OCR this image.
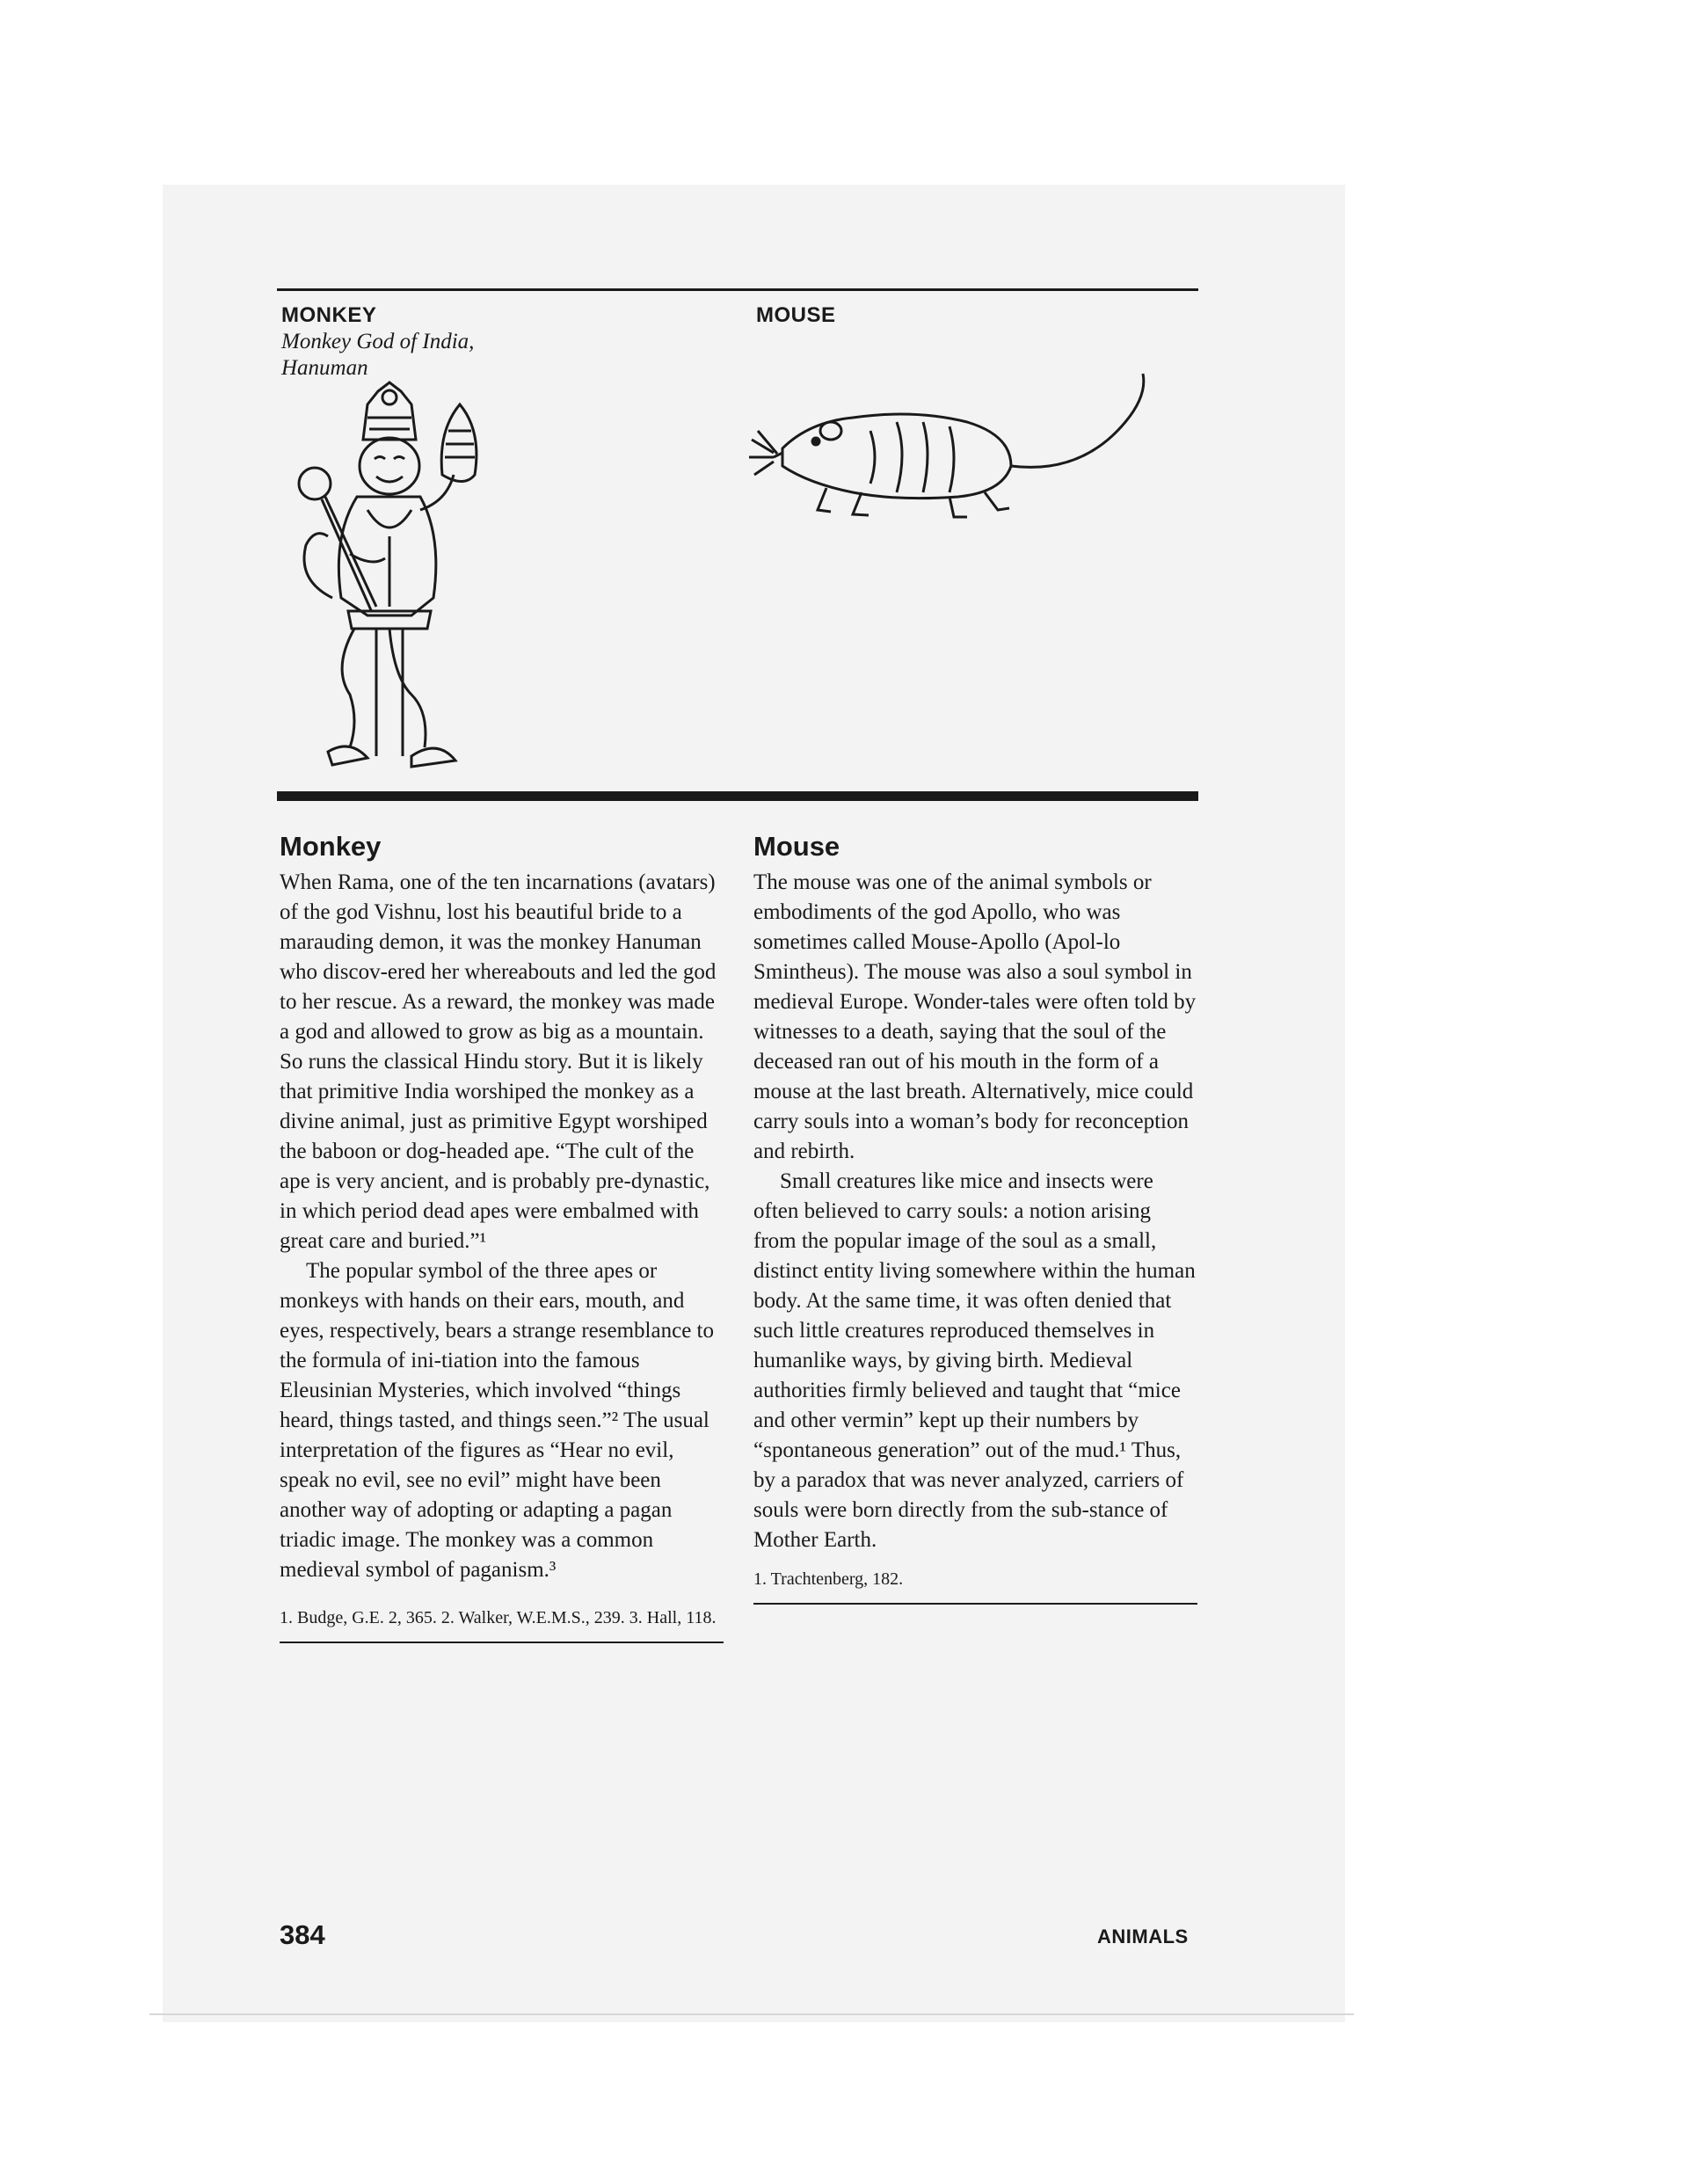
MONKEY
Monkey God of India, Hanuman
MOUSE
Monkey

When Rama, one of the ten incarnations (avatars) of the god Vishnu, lost his beautiful bride to a marauding demon, it was the monkey Hanuman who discov-ered her whereabouts and led the god to her rescue. As a reward, the monkey was made a god and allowed to grow as big as a mountain. So runs the classical Hindu story. But it is likely that primitive India worshiped the monkey as a divine animal, just as primitive Egypt worshiped the baboon or dog-headed ape. “The cult of the ape is very ancient, and is probably pre-dynastic, in which period dead apes were embalmed with great care and buried.”¹

The popular symbol of the three apes or monkeys with hands on their ears, mouth, and eyes, respectively, bears a strange resemblance to the formula of ini-tiation into the famous Eleusinian Mysteries, which involved “things heard, things tasted, and things seen.”² The usual interpretation of the figures as “Hear no evil, speak no evil, see no evil” might have been another way of adopting or adapting a pagan triadic image. The monkey was a common medieval symbol of paganism.³

1. Budge, G.E. 2, 365. 2. Walker, W.E.M.S., 239. 3. Hall, 118.
Mouse

The mouse was one of the animal symbols or embodiments of the god Apollo, who was sometimes called Mouse-Apollo (Apol-lo Smintheus). The mouse was also a soul symbol in medieval Europe. Wonder-tales were often told by witnesses to a death, saying that the soul of the deceased ran out of his mouth in the form of a mouse at the last breath. Alternatively, mice could carry souls into a woman’s body for reconception and rebirth.

Small creatures like mice and insects were often believed to carry souls: a notion arising from the popular image of the soul as a small, distinct entity living somewhere within the human body. At the same time, it was often denied that such little creatures reproduced themselves in humanlike ways, by giving birth. Medieval authorities firmly believed and taught that “mice and other vermin” kept up their numbers by “spontaneous generation” out of the mud.¹ Thus, by a paradox that was never analyzed, carriers of souls were born directly from the sub-stance of Mother Earth.

1. Trachtenberg, 182.
384	ANIMALS
